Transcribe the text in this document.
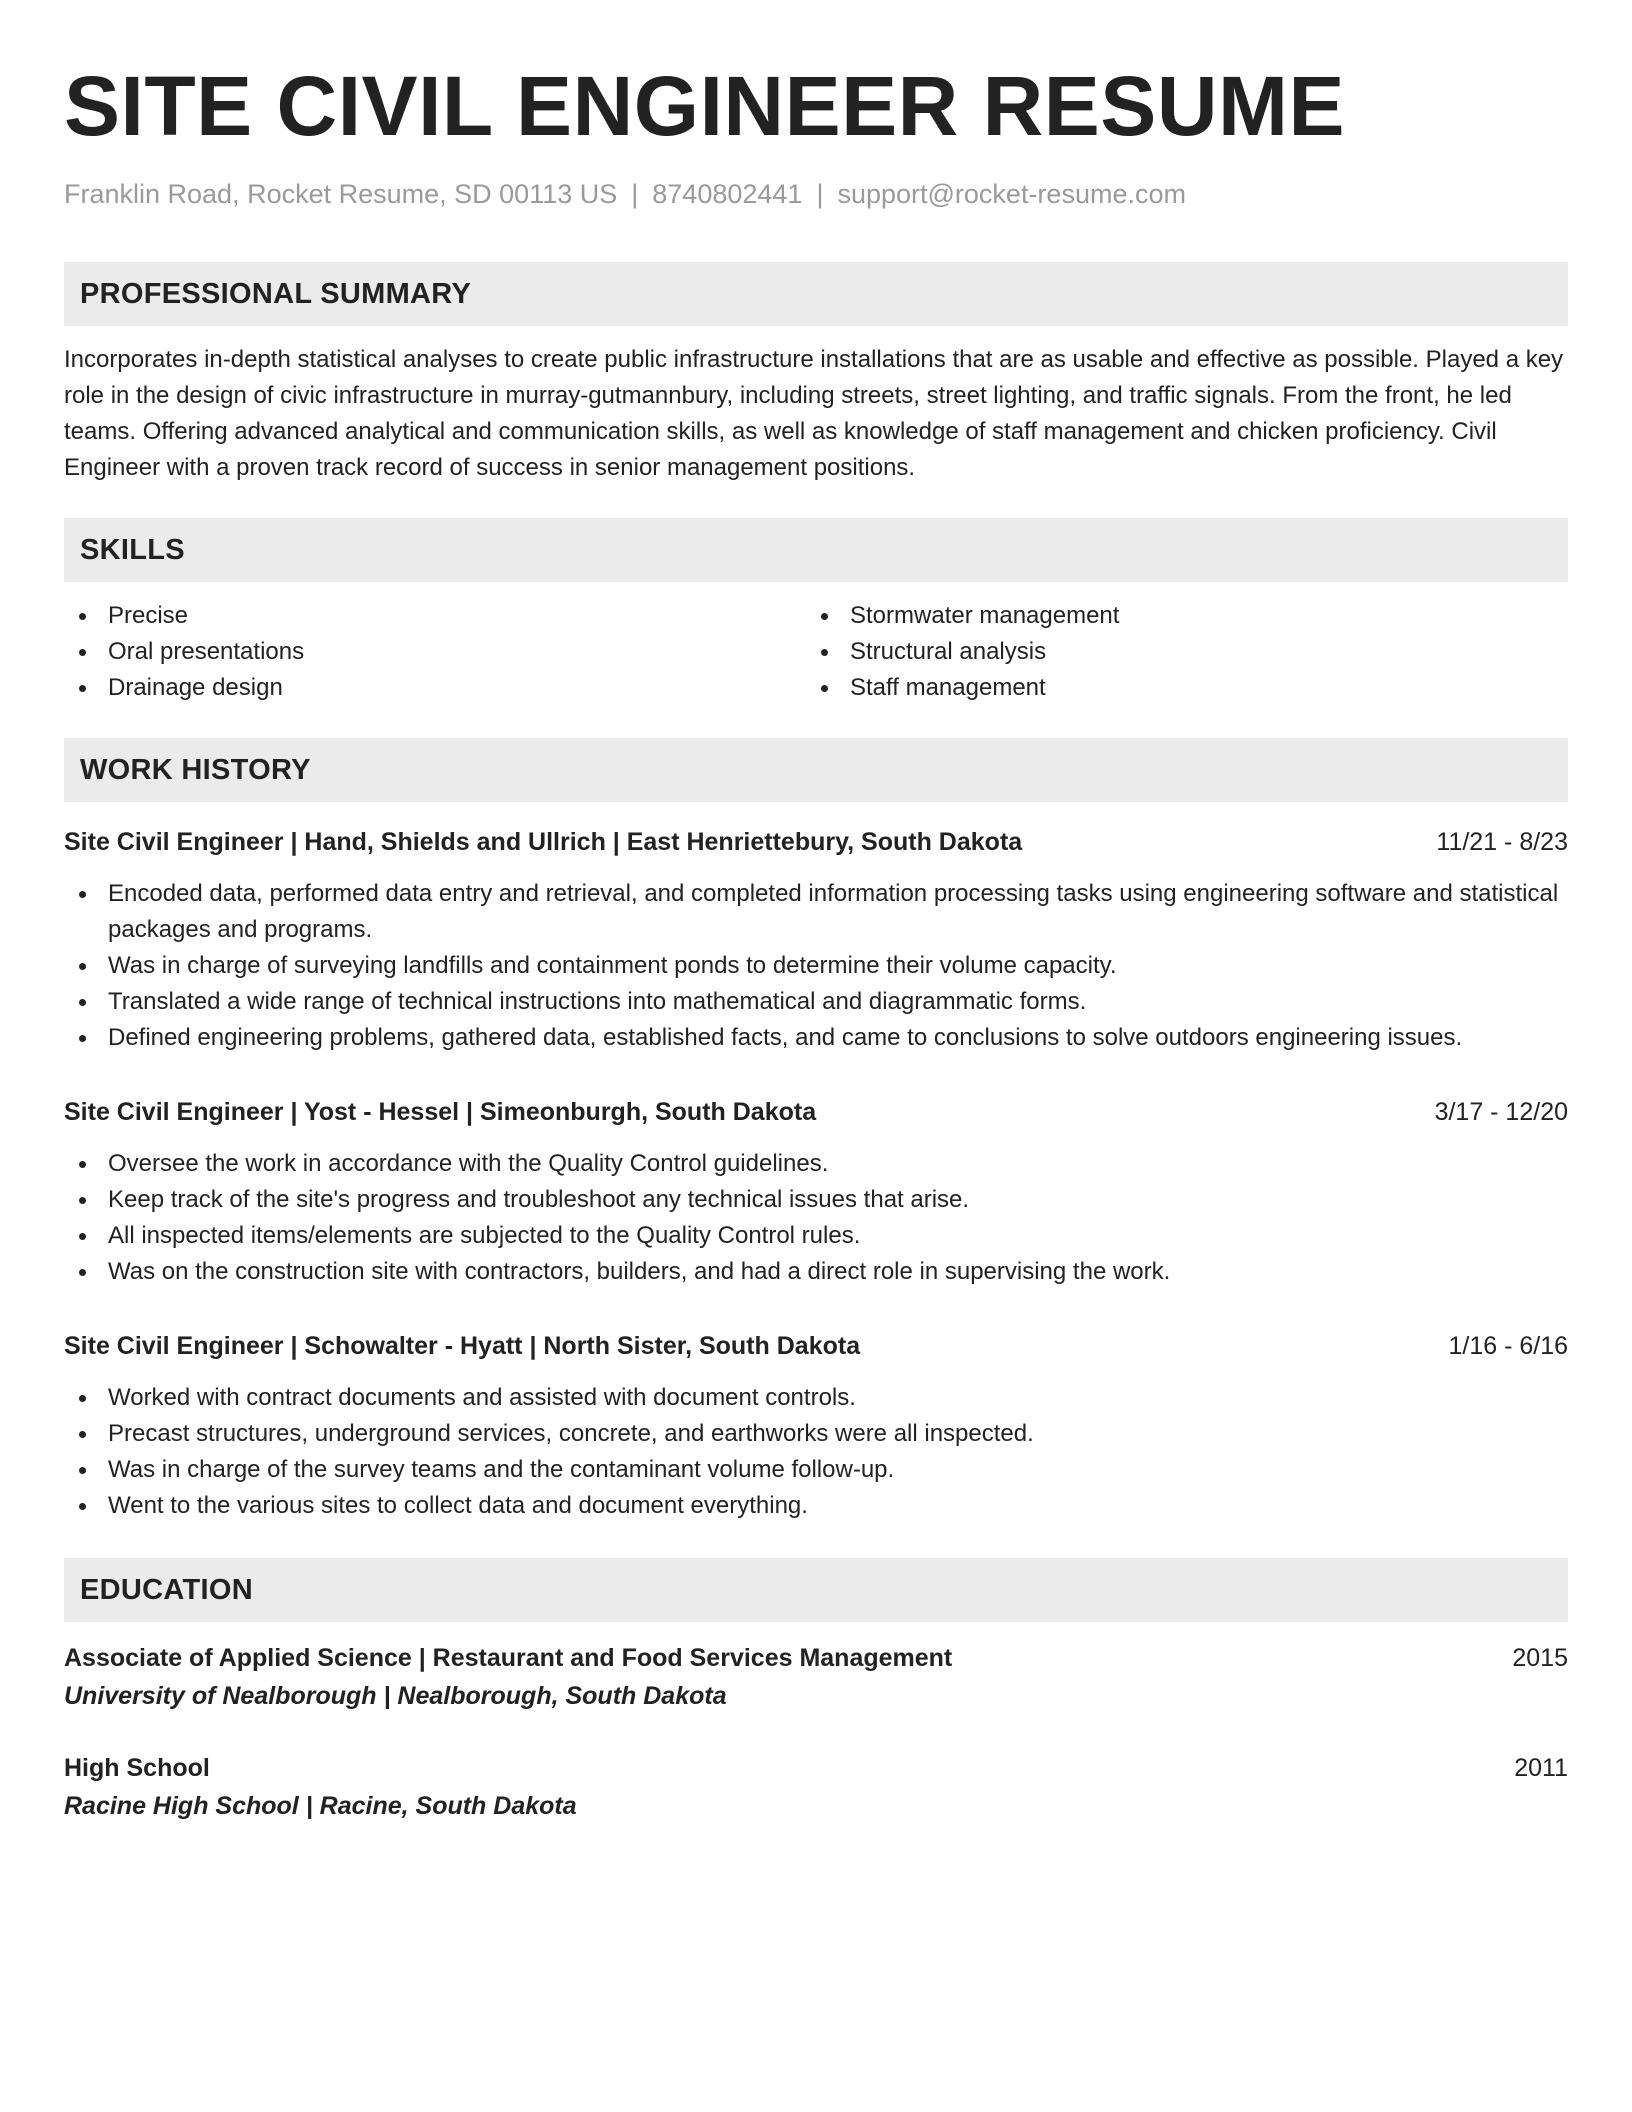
SITE CIVIL ENGINEER RESUME
Franklin Road, Rocket Resume, SD 00113 US | 8740802441 | support@rocket-resume.com
PROFESSIONAL SUMMARY
Incorporates in-depth statistical analyses to create public infrastructure installations that are as usable and effective as possible. Played a key role in the design of civic infrastructure in murray-gutmannbury, including streets, street lighting, and traffic signals. From the front, he led teams. Offering advanced analytical and communication skills, as well as knowledge of staff management and chicken proficiency. Civil Engineer with a proven track record of success in senior management positions.
SKILLS
Precise
Oral presentations
Drainage design
Stormwater management
Structural analysis
Staff management
WORK HISTORY
Site Civil Engineer | Hand, Shields and Ullrich | East Henriettebury, South Dakota	11/21 - 8/23
Encoded data, performed data entry and retrieval, and completed information processing tasks using engineering software and statistical packages and programs.
Was in charge of surveying landfills and containment ponds to determine their volume capacity.
Translated a wide range of technical instructions into mathematical and diagrammatic forms.
Defined engineering problems, gathered data, established facts, and came to conclusions to solve outdoors engineering issues.
Site Civil Engineer | Yost - Hessel | Simeonburgh, South Dakota	3/17 - 12/20
Oversee the work in accordance with the Quality Control guidelines.
Keep track of the site's progress and troubleshoot any technical issues that arise.
All inspected items/elements are subjected to the Quality Control rules.
Was on the construction site with contractors, builders, and had a direct role in supervising the work.
Site Civil Engineer | Schowalter - Hyatt | North Sister, South Dakota	1/16 - 6/16
Worked with contract documents and assisted with document controls.
Precast structures, underground services, concrete, and earthworks were all inspected.
Was in charge of the survey teams and the contaminant volume follow-up.
Went to the various sites to collect data and document everything.
EDUCATION
Associate of Applied Science | Restaurant and Food Services Management	2015
University of Nealborough | Nealborough, South Dakota
High School	2011
Racine High School | Racine, South Dakota
